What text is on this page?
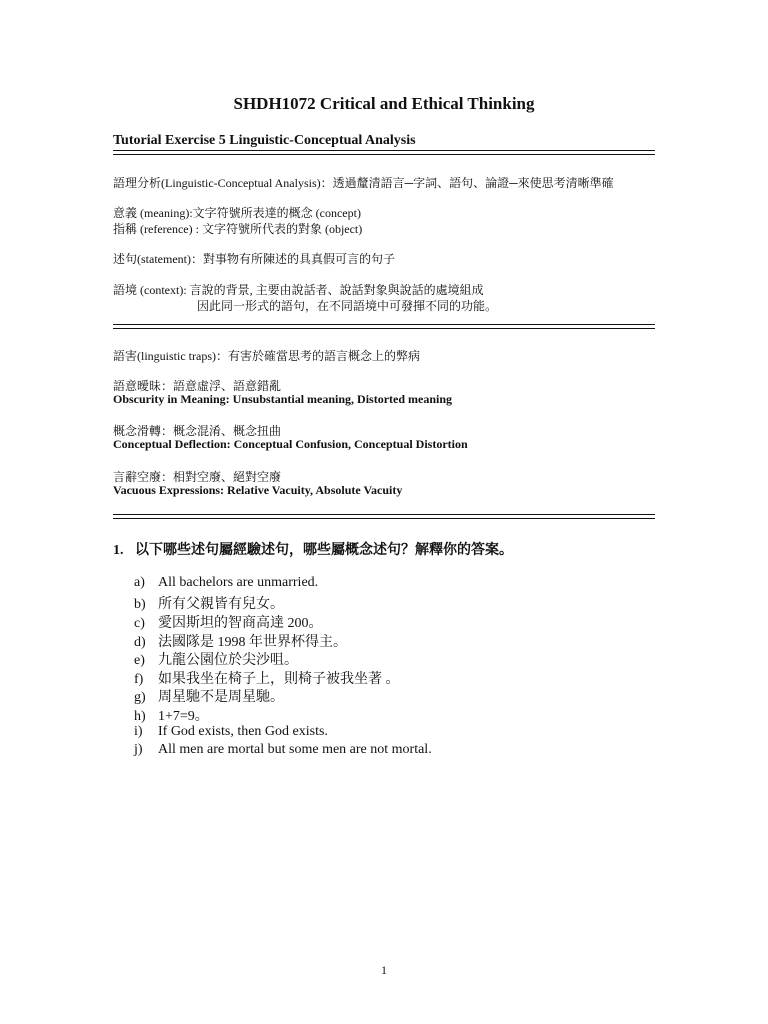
SHDH1072 Critical and Ethical Thinking
Tutorial Exercise 5 Linguistic-Conceptual Analysis
語理分析(Linguistic-Conceptual Analysis)：透過釐清語言─字詞、語句、論證─來使思考清晰準確
意義 (meaning):文字符號所表達的概念 (concept)
指稱 (reference) : 文字符號所代表的對象 (object)
述句(statement)：對事物有所陳述的具真假可言的句子
語境 (context): 言說的背景, 主要由說話者、說話對象與說話的處境組成
因此同一形式的語句，在不同語境中可發揮不同的功能。
語害(linguistic traps)：有害於確當思考的語言概念上的弊病
語意曖昧：語意虛浮、語意錯亂
Obscurity in Meaning: Unsubstantial meaning, Distorted meaning
概念滑轉：概念混淆、概念扭曲
Conceptual Deflection: Conceptual Confusion, Conceptual Distortion
言辭空廢：相對空廢、絕對空廢
Vacuous Expressions: Relative Vacuity, Absolute Vacuity
1. 以下哪些述句屬經驗述句，哪些屬概念述句？解釋你的答案。
a) All bachelors are unmarried.
b) 所有父親皆有兒女。
c) 愛因斯坦的智商高達 200。
d) 法國隊是 1998 年世界杯得主。
e) 九龍公園位於尖沙咀。
f) 如果我坐在椅子上，則椅子被我坐著 。
g) 周星馳不是周星馳。
h) 1+7=9。
i) If God exists, then God exists.
j) All men are mortal but some men are not mortal.
1
